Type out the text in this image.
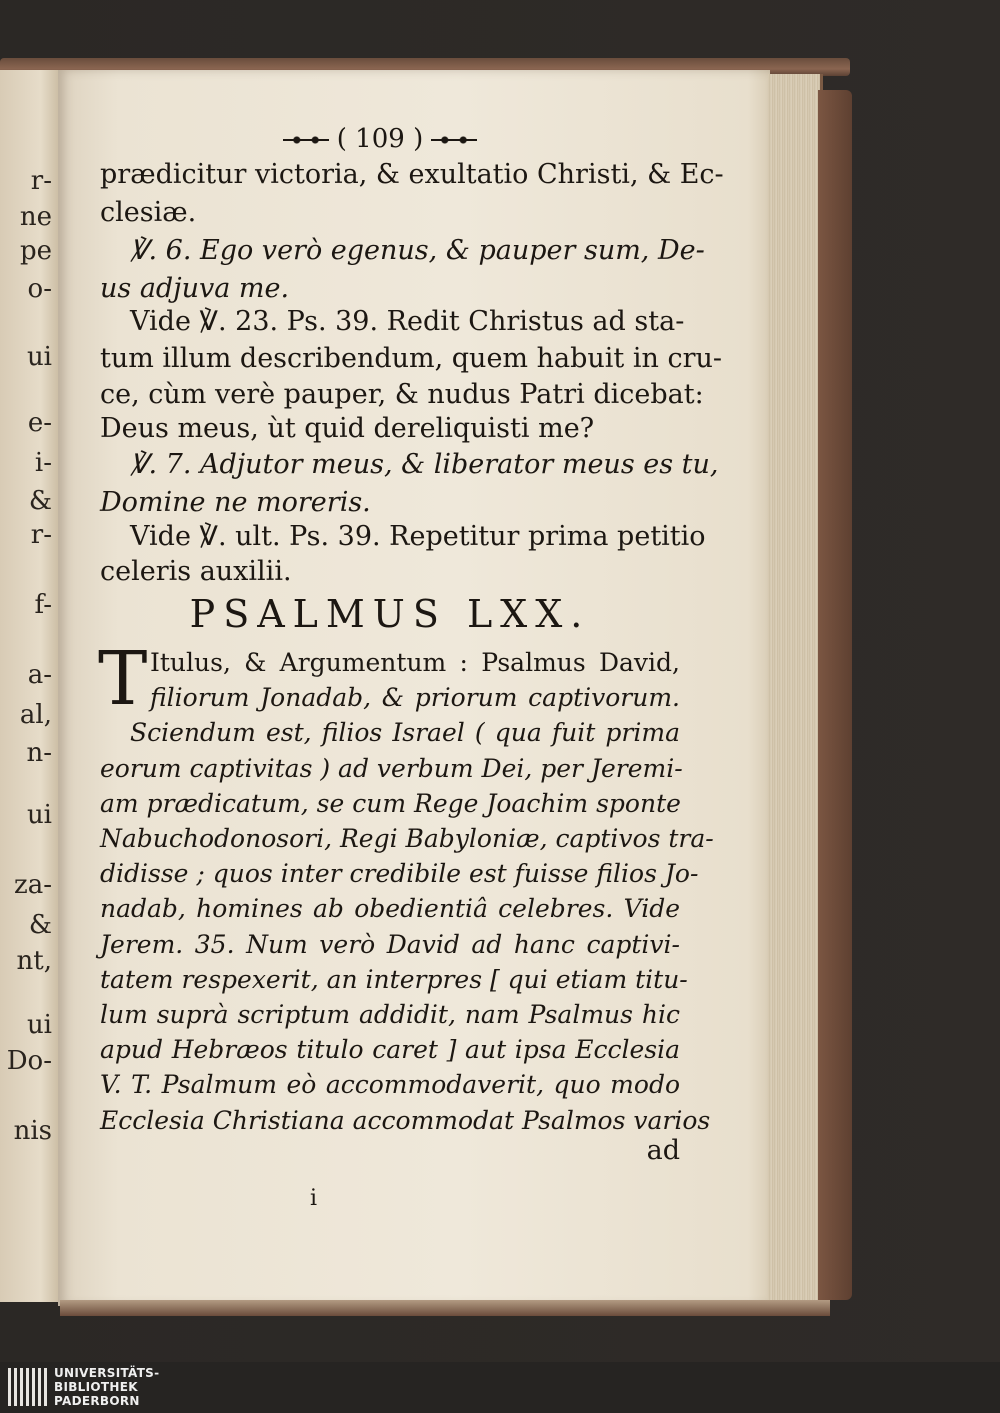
r-
ne
pe
o-
ui
e-
i-
&
r-
f-
a-
al,
n-
ui
za-
&
nt,
ui
Do-
nis
( 109 )
prædicitur victoria, & exultatio Christi, & Ec-
clesiæ.
℣. 6. Ego verò egenus, & pauper sum, De-
us adjuva me.
Vide ℣. 23. Ps. 39. Redit Christus ad sta-
tum illum describendum, quem habuit in cru-
ce, cùm verè pauper, & nudus Patri dicebat:
Deus meus, ùt quid dereliquisti me?
℣. 7. Adjutor meus, & liberator meus es tu,
Domine ne moreris.
Vide ℣. ult. Ps. 39. Repetitur prima petitio
celeris auxilii.
PSALMUS LXX.
T Itulus, & Argumentum : Psalmus David,
filiorum Jonadab, & priorum captivorum.
Sciendum est, filios Israel ( qua fuit prima
eorum captivitas ) ad verbum Dei, per Jeremi-
am prædicatum, se cum Rege Joachim sponte
Nabuchodonosori, Regi Babyloniæ, captivos tra-
didisse ; quos inter credibile est fuisse filios Jo-
nadab, homines ab obedientiâ celebres. Vide
Jerem. 35. Num verò David ad hanc captivi-
tatem respexerit, an interpres [ qui etiam titu-
lum suprà scriptum addidit, nam Psalmus hic
apud Hebræos titulo caret ] aut ipsa Ecclesia
V. T. Psalmum eò accommodaverit, quo modo
Ecclesia Christiana accommodat Psalmos varios
ad
i
UNIVERSITÄTS-
BIBLIOTHEK
PADERBORN
